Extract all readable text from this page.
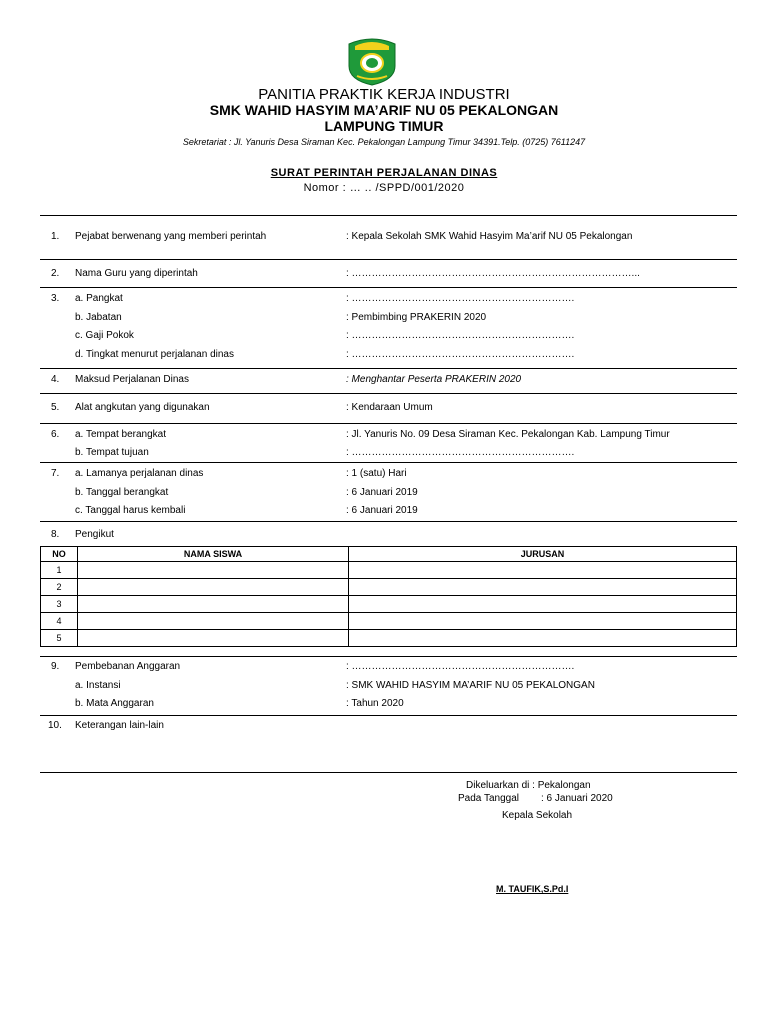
PANITIA PRAKTIK KERJA INDUSTRI
SMK WAHID HASYIM MA’ARIF NU 05 PEKALONGAN
LAMPUNG TIMUR
Sekretariat : Jl. Yanuris Desa Siraman Kec. Pekalongan Lampung Timur 34391.Telp. (0725) 7611247
SURAT PERINTAH PERJALANAN DINAS
Nomor : … .. /SPPD/001/2020
1. Pejabat berwenang yang memberi perintah	: Kepala Sekolah SMK Wahid Hasyim Ma’arif NU 05 Pekalongan
2. Nama Guru yang diperintah	: …………………………………………………………………………...
3. a. Pangkat	: ………………………………………………………….
b. Jabatan	: Pembimbing PRAKERIN 2020
c. Gaji Pokok	: ………………………………………………………….
d. Tingkat menurut perjalanan dinas	: ………………………………………………………….
4. Maksud Perjalanan Dinas	: Menghantar Peserta PRAKERIN 2020
5. Alat angkutan yang digunakan	: Kendaraan Umum
6. a. Tempat berangkat	: Jl. Yanuris No. 09 Desa Siraman Kec. Pekalongan Kab. Lampung Timur
b. Tempat tujuan	: ………………………………………………………….
7. a. Lamanya perjalanan dinas	: 1 (satu) Hari
b. Tanggal berangkat	: 6 Januari 2019
c. Tanggal harus kembali	: 6 Januari 2019
8. Pengikut
NO	NAMA SISWA	JURUSAN
1		
2		
3		
4		
5		
9. Pembebanan Anggaran	: ………………………………………………………….
a. Instansi	: SMK WAHID HASYIM MA’ARIF NU 05 PEKALONGAN
b. Mata Anggaran	: Tahun 2020
10. Keterangan lain-lain
Dikeluarkan di : Pekalongan
Pada Tanggal : 6 Januari 2020
Kepala Sekolah
M. TAUFIK,S.Pd.I
